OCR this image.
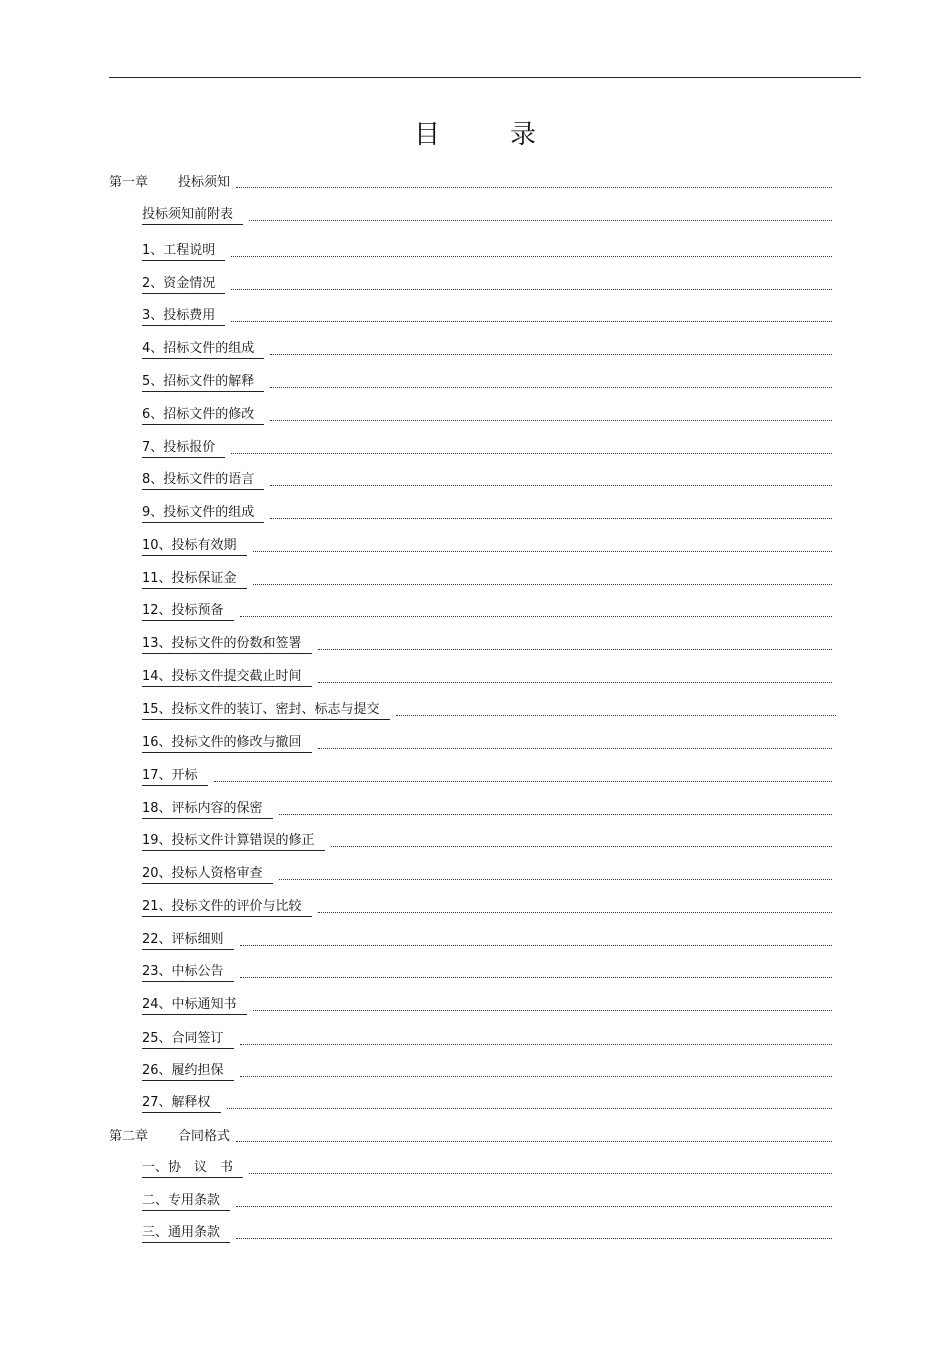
目	录
第一章 投标须知
投标须知前附表
1、工程说明
2、资金情况
3、投标费用
4、招标文件的组成
5、招标文件的解释
6、招标文件的修改
7、投标报价
8、投标文件的语言
9、投标文件的组成
10、投标有效期
11、投标保证金
12、投标预备
13、投标文件的份数和签署
14、投标文件提交截止时间
15、投标文件的装订、密封、标志与提交
16、投标文件的修改与撤回
17、开标
18、评标内容的保密
19、投标文件计算错误的修正
20、投标人资格审查
21、投标文件的评价与比较
22、评标细则
23、中标公告
24、中标通知书
25、合同签订
26、履约担保
27、解释权
第二章 合同格式
一、协　议　书
二、专用条款
三、通用条款
